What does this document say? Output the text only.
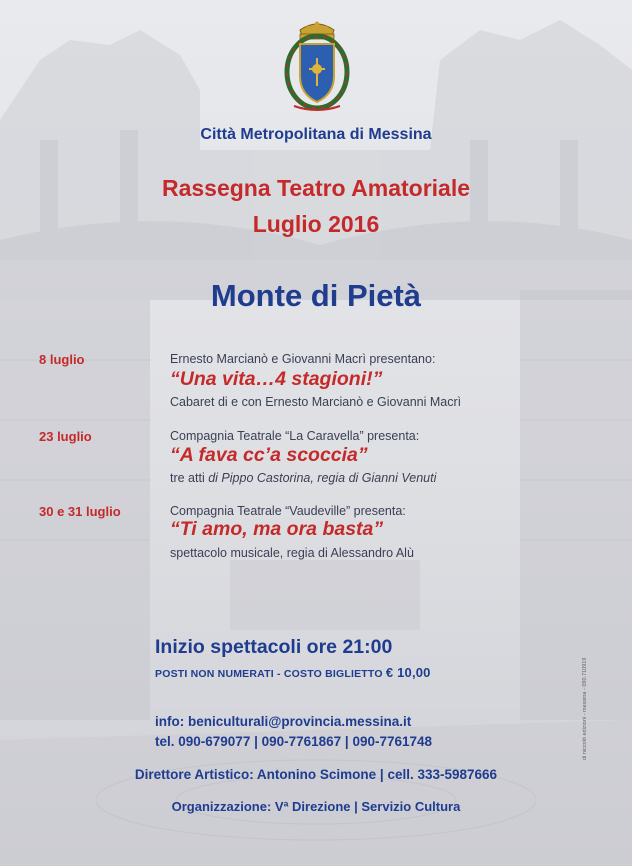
Città Metropolitana di Messina

Rassegna Teatro Amatoriale

Luglio 2016

Monte di Pietà

8 luglio	Ernesto Marcianò e Giovanni Macrì presentano:

“Una vita…4 stagioni!”

Cabaret di e con Ernesto Marcianò e Giovanni Macrì

23 luglio	Compagnia Teatrale “La Caravella” presenta:

“A fava cc’a scoccia”

tre atti di Pippo Castorina, regia di Gianni Venuti

30 e 31 luglio	Compagnia Teatrale “Vaudeville” presenta:

“Ti amo, ma ora basta”

spettacolo musicale, regia di Alessandro Alù

Inizio spettacoli ore 21:00

POSTI NON NUMERATI - COSTO BIGLIETTO € 10,00

info: beniculturali@provincia.messina.it

tel. 090-679077 | 090-7761867 | 090-7761748

Direttore Artistico: Antonino Scimone | cell. 333-5987666

Organizzazione: Vª Direzione | Servizio Cultura

di niccolò edizioni - messina - 090.710919
